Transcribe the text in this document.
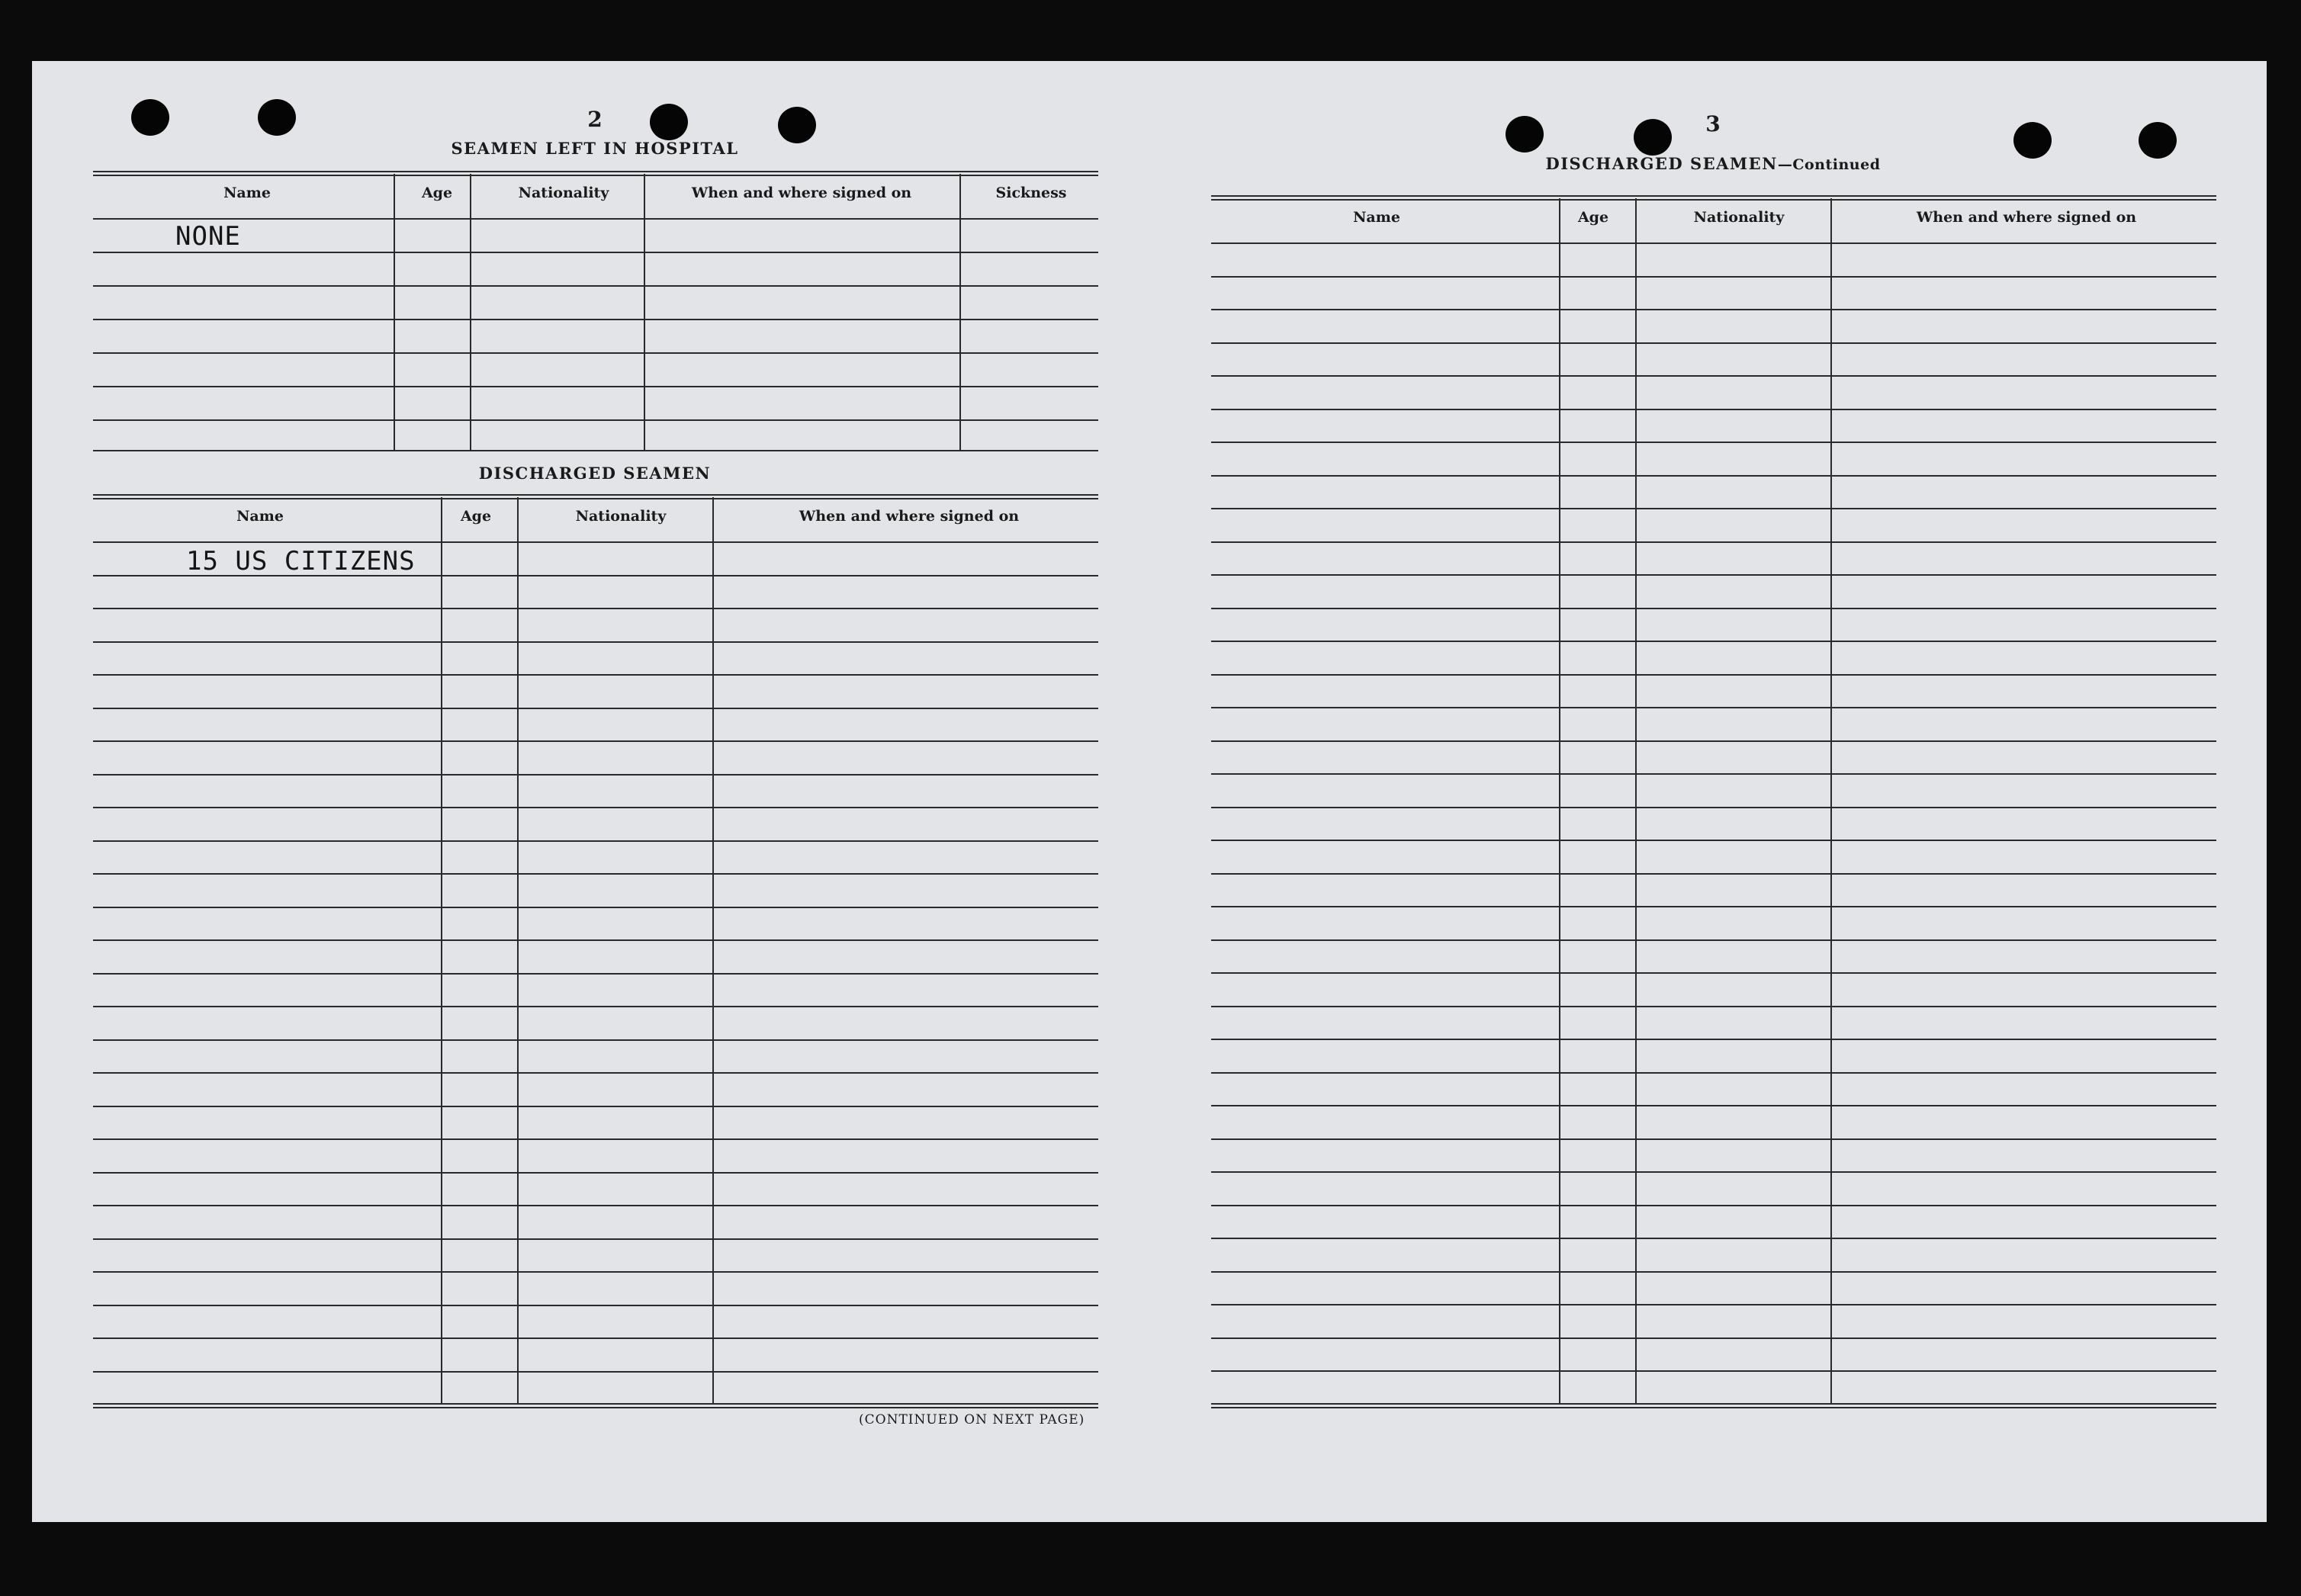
2
SEAMEN LEFT IN HOSPITAL
Name	Age	Nationality	When and where signed on	Sickness
NONE
DISCHARGED SEAMEN
Name	Age	Nationality	When and where signed on
15 US CITIZENS
(CONTINUED ON NEXT PAGE)
3
DISCHARGED SEAMEN—Continued
Name	Age	Nationality	When and where signed on
